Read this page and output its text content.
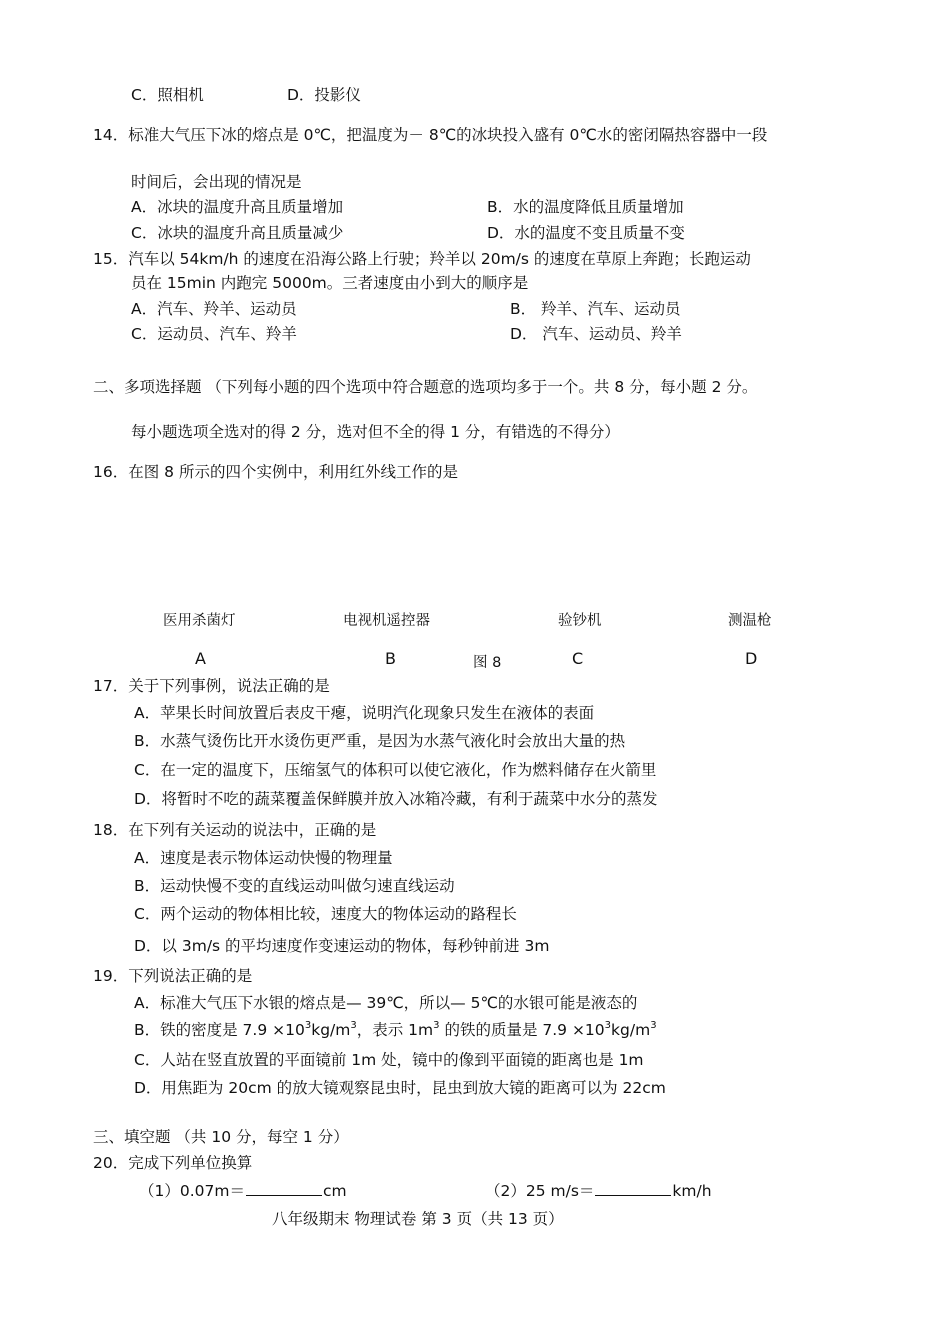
C．照相机	D．投影仪
14．标准大气压下冰的熔点是 0℃，把温度为－ 8℃的冰块投入盛有 0℃水的密闭隔热容器中一段
时间后，会出现的情况是
A．冰块的温度升高且质量增加	B．水的温度降低且质量增加
C．冰块的温度升高且质量减少	D．水的温度不变且质量不变
15．汽车以 54km/h 的速度在沿海公路上行驶；羚羊以 20m/s 的速度在草原上奔跑；长跑运动
员在 15min 内跑完 5000m。三者速度由小到大的顺序是
A．汽车、羚羊、运动员	B． 羚羊、汽车、运动员
C．运动员、汽车、羚羊	D． 汽车、运动员、羚羊
二、多项选择题 （下列每小题的四个选项中符合题意的选项均多于一个。共 8 分，每小题 2 分。
每小题选项全选对的得 2 分，选对但不全的得 1 分，有错选的不得分）
16．在图 8 所示的四个实例中，利用红外线工作的是
医用杀菌灯	电视机遥控器	验钞机	测温枪
A	B	图 8	C	D
17．关于下列事例，说法正确的是
A．苹果长时间放置后表皮干瘪，说明汽化现象只发生在液体的表面
B．水蒸气烫伤比开水烫伤更严重，是因为水蒸气液化时会放出大量的热
C．在一定的温度下，压缩氢气的体积可以使它液化，作为燃料储存在火箭里
D．将暂时不吃的蔬菜覆盖保鲜膜并放入冰箱冷藏，有利于蔬菜中水分的蒸发
18．在下列有关运动的说法中，正确的是
A．速度是表示物体运动快慢的物理量
B．运动快慢不变的直线运动叫做匀速直线运动
C．两个运动的物体相比较，速度大的物体运动的路程长
D．以 3m/s 的平均速度作变速运动的物体，每秒钟前进 3m
19．下列说法正确的是
A．标准大气压下水银的熔点是— 39℃，所以— 5℃的水银可能是液态的
B．铁的密度是 $7.9 \times 10^3kg/m^3$，表示 $1m^3$ 的铁的质量是 $7.9 \times 10^3kg/m^3$
C．人站在竖直放置的平面镜前 1m 处，镜中的像到平面镜的距离也是 1m
D．用焦距为 20cm 的放大镜观察昆虫时，昆虫到放大镜的距离可以为 22cm
三、填空题 （共 10 分，每空 1 分）
20．完成下列单位换算
（1）0.07m＝	cm	（2）25 m/s＝	km/h
八年级期末 物理试卷 第 3 页（共 13 页）
